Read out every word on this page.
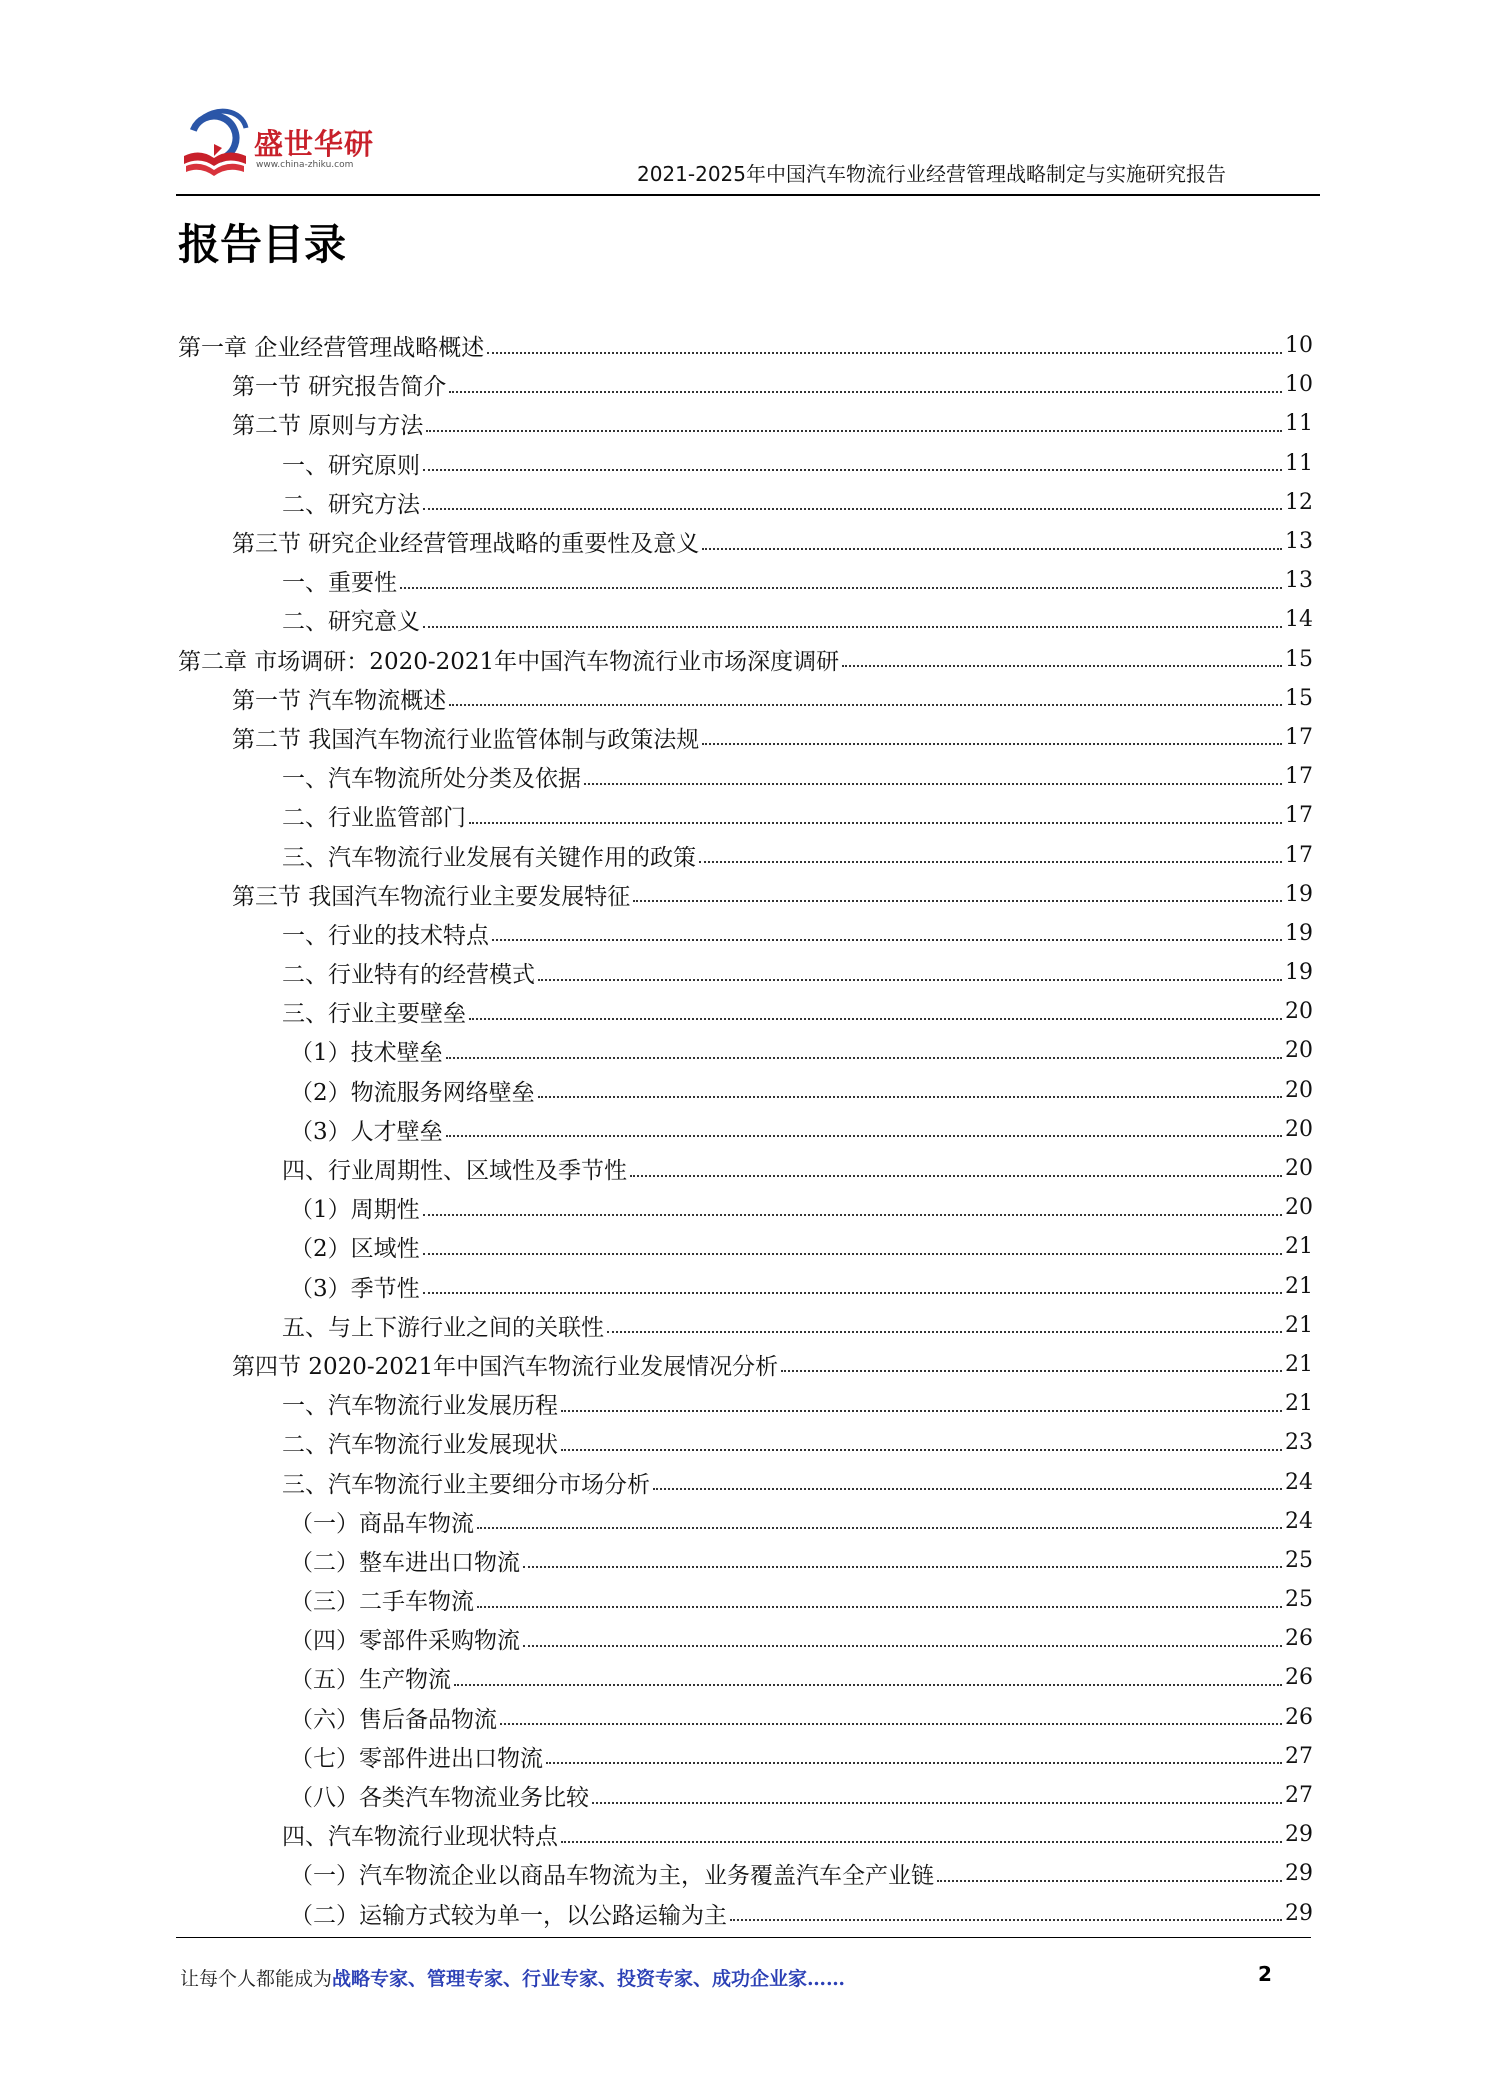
盛世华研
www.china-zhiku.com	2021-2025年中国汽车物流行业经营管理战略制定与实施研究报告
报告目录
第一章 企业经营管理战略概述	10
第一节 研究报告简介	10
第二节 原则与方法	11
一、研究原则	11
二、研究方法	12
第三节 研究企业经营管理战略的重要性及意义	13
一、重要性	13
二、研究意义	14
第二章 市场调研：2020-2021年中国汽车物流行业市场深度调研	15
第一节 汽车物流概述	15
第二节 我国汽车物流行业监管体制与政策法规	17
一、汽车物流所处分类及依据	17
二、行业监管部门	17
三、汽车物流行业发展有关键作用的政策	17
第三节 我国汽车物流行业主要发展特征	19
一、行业的技术特点	19
二、行业特有的经营模式	19
三、行业主要壁垒	20
（1）技术壁垒	20
（2）物流服务网络壁垒	20
（3）人才壁垒	20
四、行业周期性、区域性及季节性	20
（1）周期性	20
（2）区域性	21
（3）季节性	21
五、与上下游行业之间的关联性	21
第四节 2020-2021年中国汽车物流行业发展情况分析	21
一、汽车物流行业发展历程	21
二、汽车物流行业发展现状	23
三、汽车物流行业主要细分市场分析	24
（一）商品车物流	24
（二）整车进出口物流	25
（三）二手车物流	25
（四）零部件采购物流	26
（五）生产物流	26
（六）售后备品物流	26
（七）零部件进出口物流	27
（八）各类汽车物流业务比较	27
四、汽车物流行业现状特点	29
（一）汽车物流企业以商品车物流为主，业务覆盖汽车全产业链	29
（二）运输方式较为单一，以公路运输为主	29
让每个人都能成为战略专家、管理专家、行业专家、投资专家、成功企业家……	2
